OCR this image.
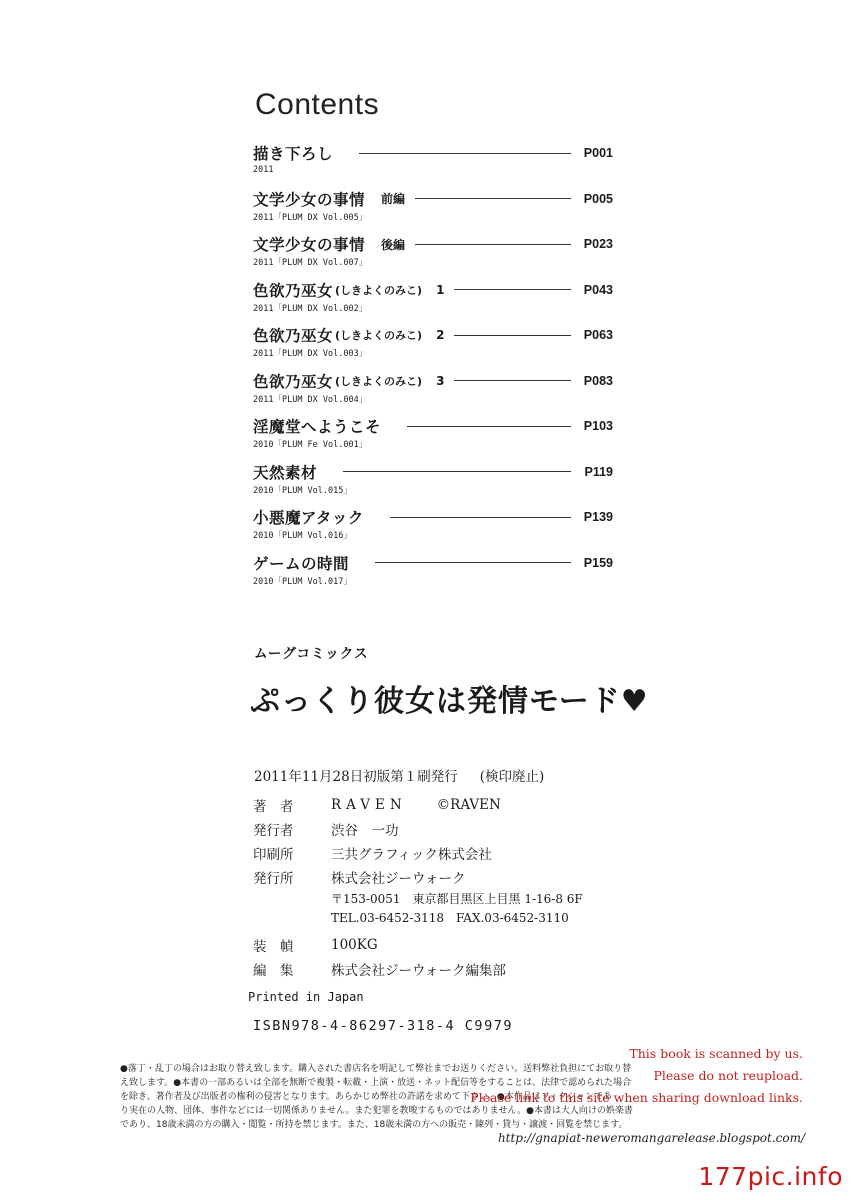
Contents
描き下ろし	P001
2011
文学少女の事情 前編	P005
2011「PLUM DX Vol.005」
文学少女の事情 後編	P023
2011「PLUM DX Vol.007」
色欲乃巫女 (しきよくのみこ) 1	P043
2011「PLUM DX Vol.002」
色欲乃巫女 (しきよくのみこ) 2	P063
2011「PLUM DX Vol.003」
色欲乃巫女 (しきよくのみこ) 3	P083
2011「PLUM DX Vol.004」
淫魔堂へようこそ	P103
2010「PLUM Fe Vol.001」
天然素材	P119
2010「PLUM Vol.015」
小悪魔アタック	P139
2010「PLUM Vol.016」
ゲームの時間	P159
2010「PLUM Vol.017」
ムーグコミックス
ぷっくり彼女は発情モード♥
2011年11月28日初版第１刷発行 (検印廃止)
著　者	RAVEN ©RAVEN
発行者	渋谷　一功
印刷所	三共グラフィック株式会社
発行所	株式会社ジーウォーク
〒153-0051　東京都目黒区上目黒 1-16-8 6F
TEL.03-6452-3118　FAX.03-6452-3110
装　幀	100KG
編　集	株式会社ジーウォーク編集部
Printed in Japan
ISBN978-4-86297-318-4 C9979
●落丁・乱丁の場合はお取り替え致します。購入された書店名を明記して弊社までお送りください。送料弊社負担にてお取り替
え致します。●本書の一部あるいは全部を無断で複製・転載・上演・放送・ネット配信等をすることは、法律で認められた場合
を除き、著作者及び出版者の権利の侵害となります。あらかじめ弊社の許諾を求めて下さい。●本作品はフィクションであ
り実在の人物、団体、事件などには一切関係ありません。また犯罪を教唆するものではありません。●本書は大人向けの娯楽書
であり、18歳未満の方の購入・閲覧・所持を禁じます。また、18歳未満の方への販売・陳列・貸与・譲渡・回覧を禁じます。
This book is scanned by us.
Please do not reupload.
Please link to this site when sharing download links.
http://gnapiat-neweromangarelease.blogspot.com/
177pic.info
